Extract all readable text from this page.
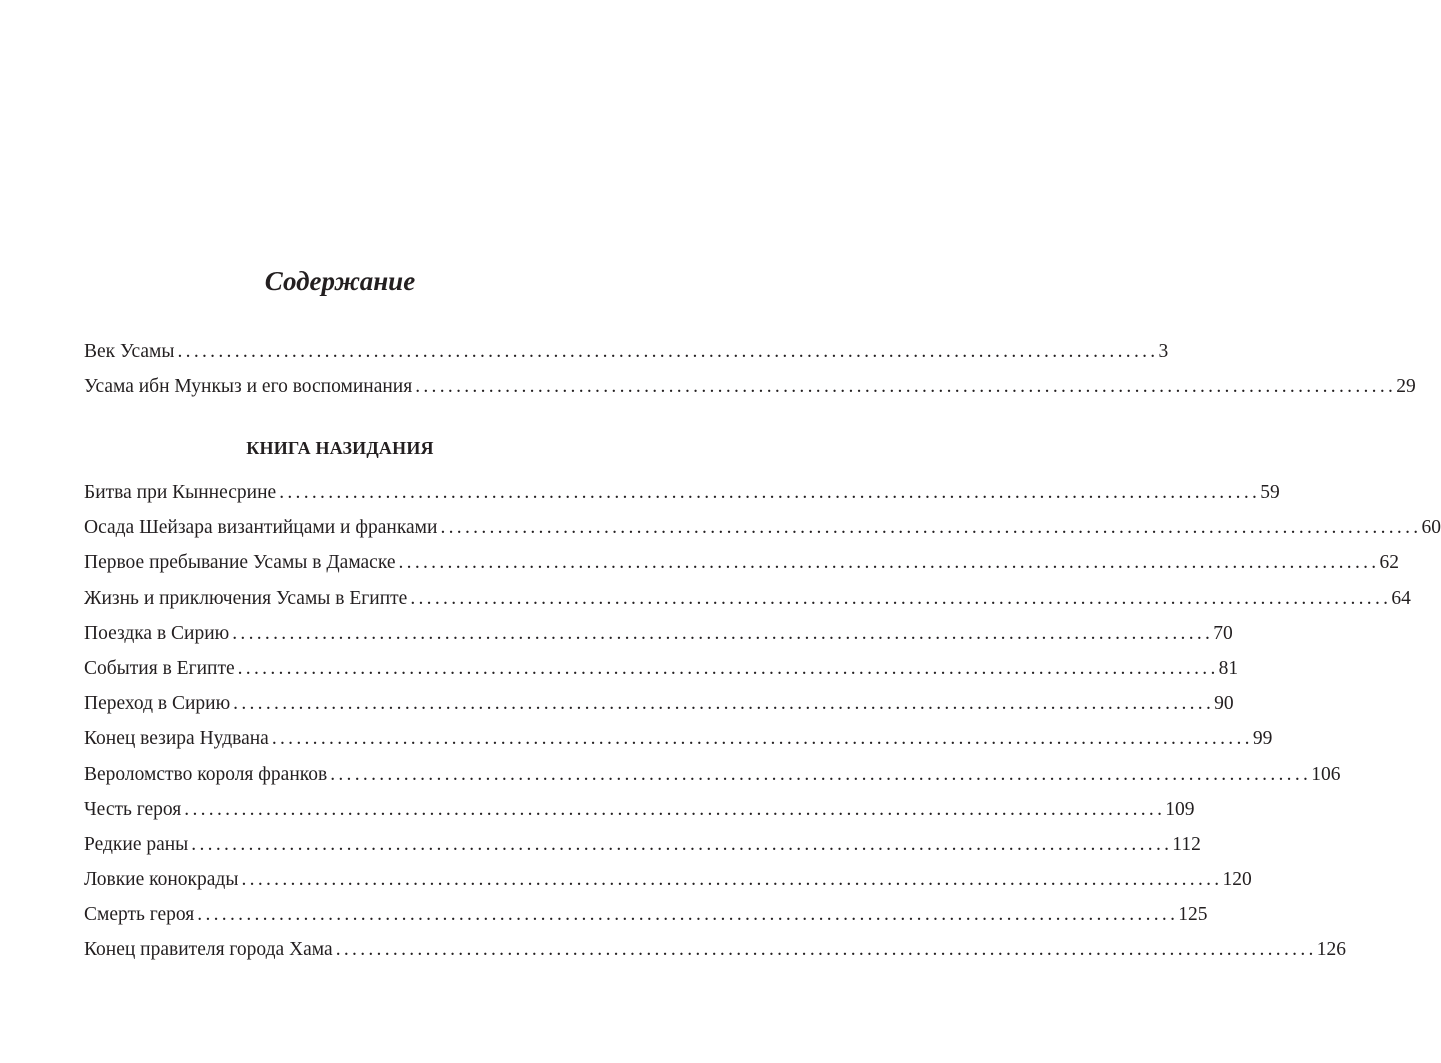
Содержание
Век Усамы ........................................................................................................................ 3
Усама ибн Мункыз и его воспоминания ........................................................................................................................ 29
КНИГА НАЗИДАНИЯ
Битва при Кыннесрине ........................................................................................................................ 59
Осада Шейзара византийцами и франками ........................................................................................................................ 60
Первое пребывание Усамы в Дамаске ........................................................................................................................ 62
Жизнь и приключения Усамы в Египте ........................................................................................................................ 64
Поездка в Сирию ........................................................................................................................ 70
События в Египте ........................................................................................................................ 81
Переход в Сирию ........................................................................................................................ 90
Конец везира Нудвана ........................................................................................................................ 99
Вероломство короля франков ........................................................................................................................ 106
Честь героя ........................................................................................................................ 109
Редкие раны ........................................................................................................................ 112
Ловкие конокрады ........................................................................................................................ 120
Смерть героя ........................................................................................................................ 125
Конец правителя города Хама ........................................................................................................................ 126
